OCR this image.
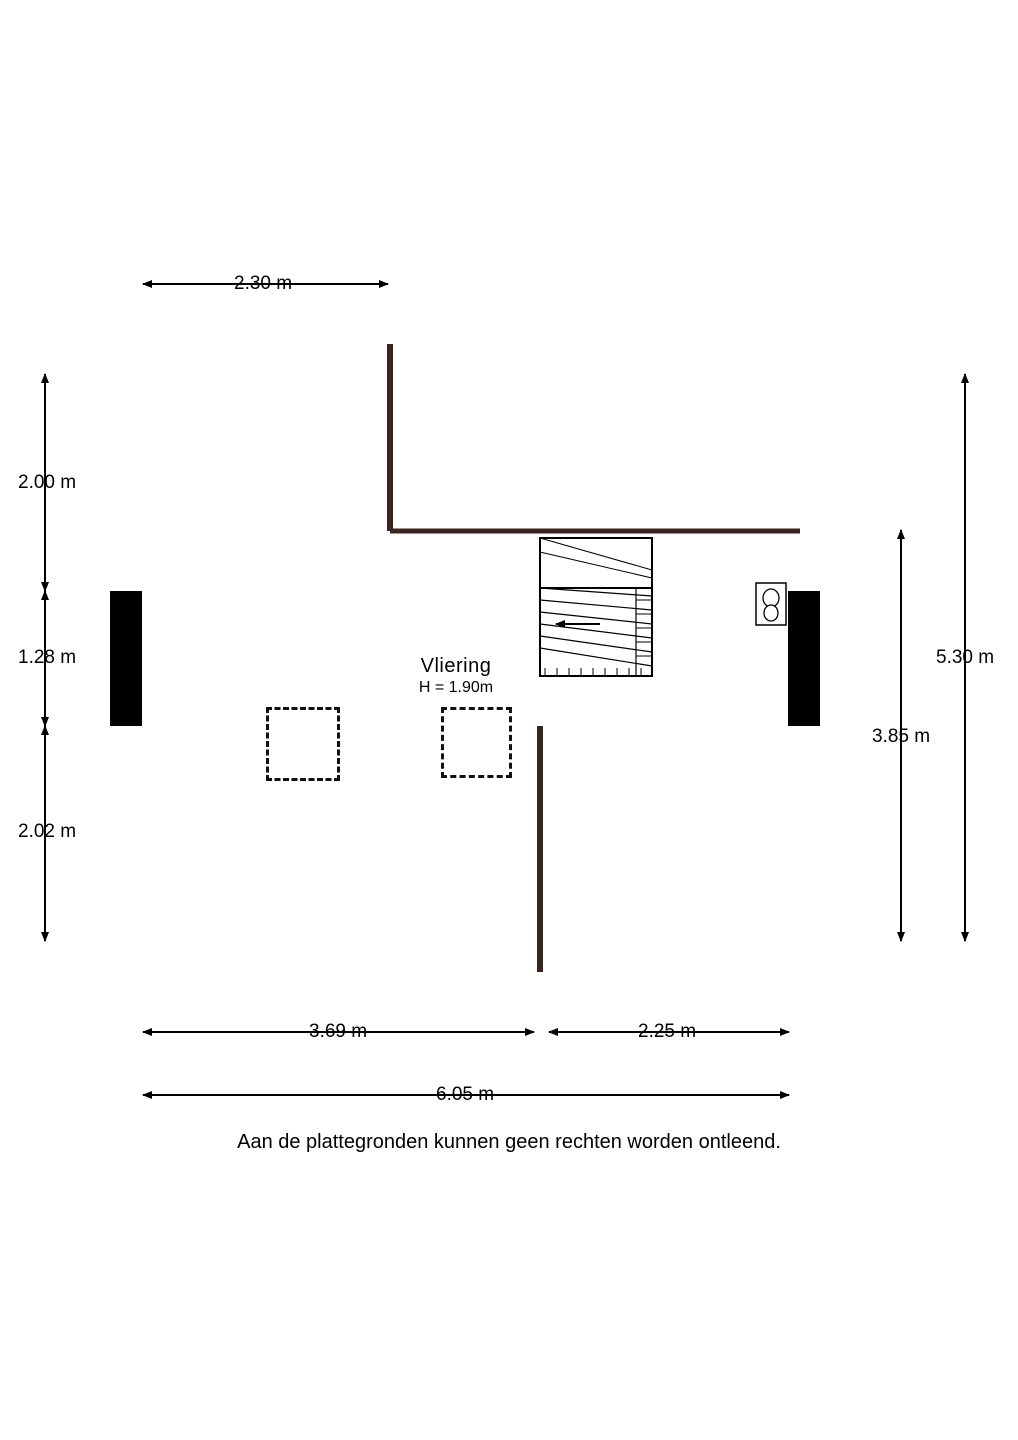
2.30 m
2.00 m
1.28 m
2.02 m
5.30 m
3.85 m
3.69 m	2.25 m
6.05 m
Vliering
H = 1.90m
Aan de plattegronden kunnen geen rechten worden ontleend.
